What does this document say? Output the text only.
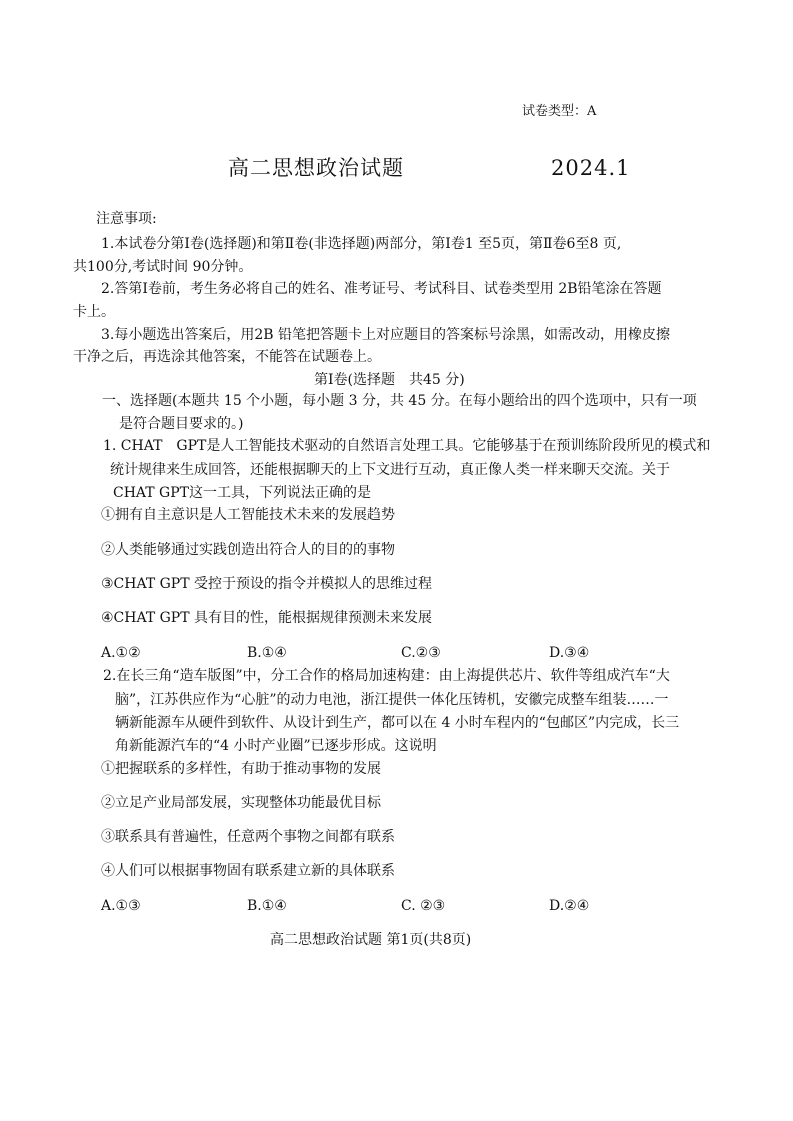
试卷类型：A
高二思想政治试题	2024.1
注意事项:
1.本试卷分第Ⅰ卷(选择题)和第Ⅱ卷(非选择题)两部分，第Ⅰ卷1 至5页，第Ⅱ卷6至8 页,
共100分,考试时间 90分钟。
2.答第Ⅰ卷前，考生务必将自己的姓名、准考证号、考试科目、试卷类型用 2B铅笔涂在答题
卡上。
3.每小题选出答案后，用2B 铅笔把答题卡上对应题目的答案标号涂黑，如需改动，用橡皮擦
干净之后，再选涂其他答案，不能答在试题卷上。
第Ⅰ卷(选择题　共45 分)
一、选择题(本题共 15 个小题，每小题 3 分，共 45 分。在每小题给出的四个选项中，只有一项
是符合题目要求的。)
1. CHAT　GPT是人工智能技术驱动的自然语言处理工具。它能够基于在预训练阶段所见的模式和
统计规律来生成回答，还能根据聊天的上下文进行互动，真正像人类一样来聊天交流。关于
CHAT GPT这一工具，下列说法正确的是
①拥有自主意识是人工智能技术未来的发展趋势
②人类能够通过实践创造出符合人的目的的事物
③CHAT GPT 受控于预设的指令并模拟人的思维过程
④CHAT GPT 具有目的性，能根据规律预测未来发展
A.①②	B.①④	C.②③	D.③④
2.在长三角“造车版图”中，分工合作的格局加速构建：由上海提供芯片、软件等组成汽车“大
脑”，江苏供应作为“心脏”的动力电池，浙江提供一体化压铸机，安徽完成整车组装……一
辆新能源车从硬件到软件、从设计到生产，都可以在 4 小时车程内的“包邮区”内完成，长三
角新能源汽车的“4 小时产业圈”已逐步形成。这说明
①把握联系的多样性，有助于推动事物的发展
②立足产业局部发展，实现整体功能最优目标
③联系具有普遍性，任意两个事物之间都有联系
④人们可以根据事物固有联系建立新的具体联系
A.①③	B.①④	C. ②③	D.②④
高二思想政治试题 第1页(共8页)
